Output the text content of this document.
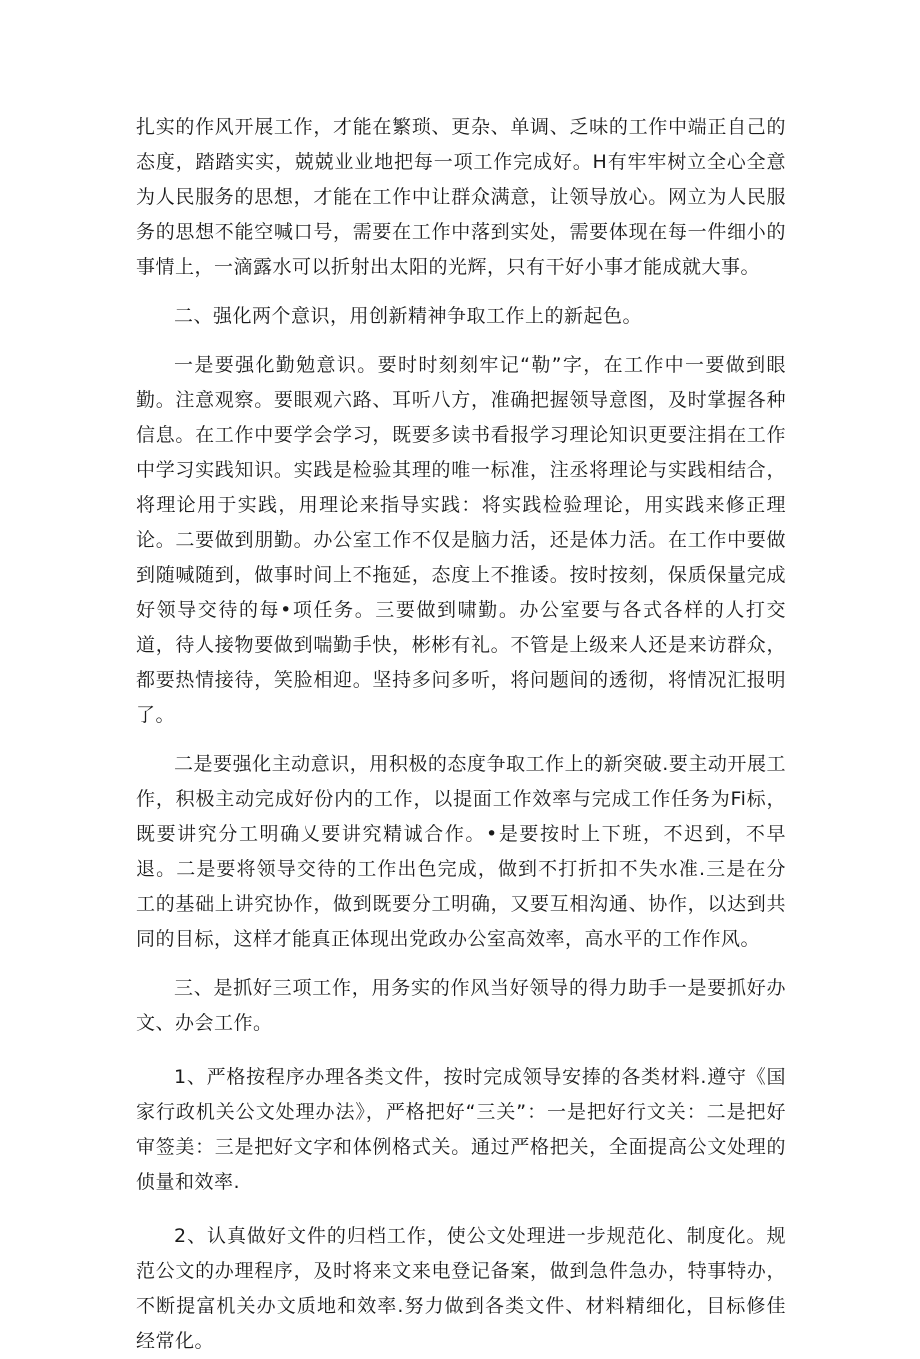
扎实的作风开展工作，才能在繁琐、更杂、单调、乏味的工作中端正自己的态度，踏踏实实，兢兢业业地把每一项工作完成好。H有牢牢树立全心全意为人民服务的思想，才能在工作中让群众满意，让领导放心。网立为人民服务的思想不能空喊口号，需要在工作中落到实处，需要体现在每一件细小的事情上，一滴露水可以折射出太阳的光辉，只有干好小事才能成就大事。

二、强化两个意识，用创新精神争取工作上的新起色。

一是要强化勤勉意识。要时时刻刻牢记“勒”字，在工作中一要做到眼勤。注意观察。要眼观六路、耳听八方，准确把握领导意图，及时掌握各种信息。在工作中要学会学习，既要多读书看报学习理论知识更要注捐在工作中学习实践知识。实践是检验其理的唯一标准，注丞将理论与实践相结合，将理论用于实践，用理论来指导实践：将实践检验理论，用实践来修正理论。二要做到朋勤。办公室工作不仅是脑力活，还是体力活。在工作中要做到随喊随到，做事时间上不拖延，态度上不推诿。按时按刻，保质保量完成好领导交待的每•项任务。三要做到啸勤。办公室要与各式各样的人打交道，待人接物要做到喘勤手快，彬彬有礼。不管是上级来人还是来访群众，都要热情接待，笑脸相迎。坚持多问多听，将问题间的透彻，将情况汇报明了。

二是要强化主动意识，用积极的态度争取工作上的新突破.要主动开展工作，积极主动完成好份内的工作，以提面工作效率与完成工作任务为Fi标，既要讲究分工明确乂要讲究精诚合作。•是要按时上下班，不迟到，不早退。二是要将领导交待的工作出色完成，做到不打折扣不失水准.三是在分工的基础上讲究协作，做到既要分工明确，又要互相沟通、协作，以达到共同的目标，这样才能真正体现出党政办公室高效率，高水平的工作作风。

三、是抓好三项工作，用务实的作风当好领导的得力助手一是要抓好办文、办会工作。

1、严格按程序办理各类文件，按时完成领导安捧的各类材料.遵守《国家行政机关公文处理办法》，严格把好“三关”：一是把好行文关：二是把好审签美：三是把好文字和体例格式关。通过严格把关，全面提高公文处理的侦量和效率.

2、认真做好文件的归档工作，使公文处理进一步规范化、制度化。规范公文的办理程序，及时将来文来电登记备案，做到急件急办，特事特办，不断提富机关办文质地和效率.努力做到各类文件、材料精细化，目标修佳经常化。
